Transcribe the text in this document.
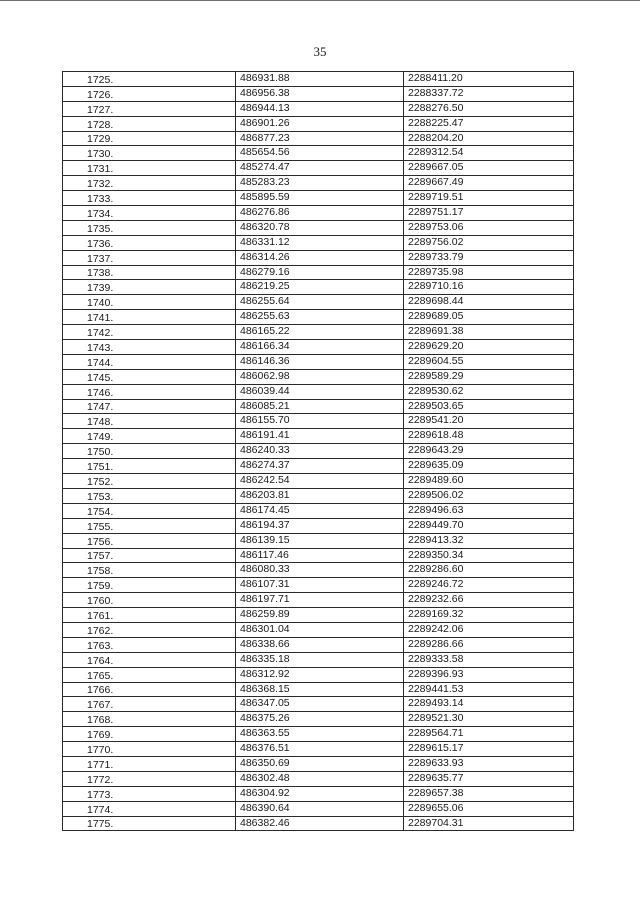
35
1725.	486931.88	2288411.20
1726.	486956.38	2288337.72
1727.	486944.13	2288276.50
1728.	486901.26	2288225.47
1729.	486877.23	2288204.20
1730.	485654.56	2289312.54
1731.	485274.47	2289667.05
1732.	485283.23	2289667.49
1733.	485895.59	2289719.51
1734.	486276.86	2289751.17
1735.	486320.78	2289753.06
1736.	486331.12	2289756.02
1737.	486314.26	2289733.79
1738.	486279.16	2289735.98
1739.	486219.25	2289710.16
1740.	486255.64	2289698.44
1741.	486255.63	2289689.05
1742.	486165.22	2289691.38
1743.	486166.34	2289629.20
1744.	486146.36	2289604.55
1745.	486062.98	2289589.29
1746.	486039.44	2289530.62
1747.	486085.21	2289503.65
1748.	486155.70	2289541.20
1749.	486191.41	2289618.48
1750.	486240.33	2289643.29
1751.	486274.37	2289635.09
1752.	486242.54	2289489.60
1753.	486203.81	2289506.02
1754.	486174.45	2289496.63
1755.	486194.37	2289449.70
1756.	486139.15	2289413.32
1757.	486117.46	2289350.34
1758.	486080.33	2289286.60
1759.	486107.31	2289246.72
1760.	486197.71	2289232.66
1761.	486259.89	2289169.32
1762.	486301.04	2289242.06
1763.	486338.66	2289286.66
1764.	486335.18	2289333.58
1765.	486312.92	2289396.93
1766.	486368.15	2289441.53
1767.	486347.05	2289493.14
1768.	486375.26	2289521.30
1769.	486363.55	2289564.71
1770.	486376.51	2289615.17
1771.	486350.69	2289633.93
1772.	486302.48	2289635.77
1773.	486304.92	2289657.38
1774.	486390.64	2289655.06
1775.	486382.46	2289704.31
